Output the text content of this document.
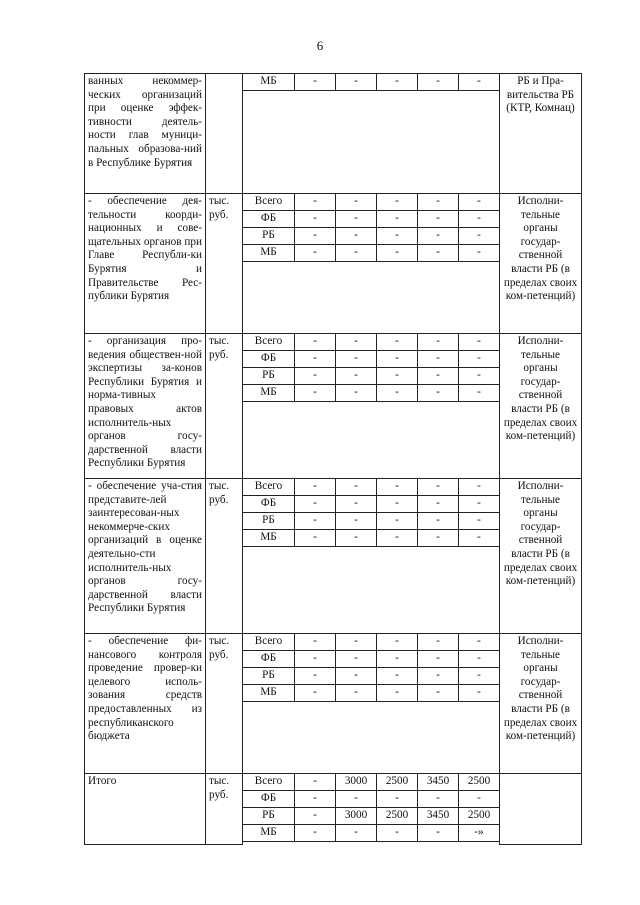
6
ванных некоммер-ческих организаций при оценке эффек-тивности деятель-ности глав муници-пальных образова-ний в Республике Бурятия		МБ	-	-	-	-	-	РБ и Пра-вительства РБ (КТР, Комнац)

- обеспечение дея-тельности коорди-национных и сове-щательных органов при Главе Республи-ки Бурятия и Правительстве Рес-публики Бурятия	тыс. руб.	Всего	-	-	-	-	-	Исполни-тельные органы государ-ственной власти РБ (в пределах своих ком-петенций)
		ФБ	-	-	-	-	-	
		РБ	-	-	-	-	-	
		МБ	-	-	-	-	-	

- организация про-ведения обществен-ной экспертизы за-конов Республики Бурятия и норма-тивных правовых актов исполнитель-ных органов госу-дарственной власти Республики Бурятия	тыс. руб.	Всего	-	-	-	-	-	Исполни-тельные органы государ-ственной власти РБ (в пределах своих ком-петенций)
		ФБ	-	-	-	-	-	
		РБ	-	-	-	-	-	
		МБ	-	-	-	-	-	

- обеспечение уча-стия представите-лей заинтересован-ных некоммерче-ских организаций в оценке деятельно-сти исполнитель-ных органов госу-дарственной власти Республики Бурятия	тыс. руб.	Всего	-	-	-	-	-	Исполни-тельные органы государ-ственной власти РБ (в пределах своих ком-петенций)
		ФБ	-	-	-	-	-	
		РБ	-	-	-	-	-	
		МБ	-	-	-	-	-	

- обеспечение фи-нансового контроля проведение провер-ки целевого исполь-зования средств предоставленных из республиканского бюджета	тыс. руб.	Всего	-	-	-	-	-	Исполни-тельные органы государ-ственной власти РБ (в пределах своих ком-петенций)
		ФБ	-	-	-	-	-	
		РБ	-	-	-	-	-	
		МБ	-	-	-	-	-	

Итого	тыс. руб.	Всего	-	3000	2500	3450	2500	
		ФБ	-	-	-	-	-	
		РБ	-	3000	2500	3450	2500	
		МБ	-	-	-	-	-»	
